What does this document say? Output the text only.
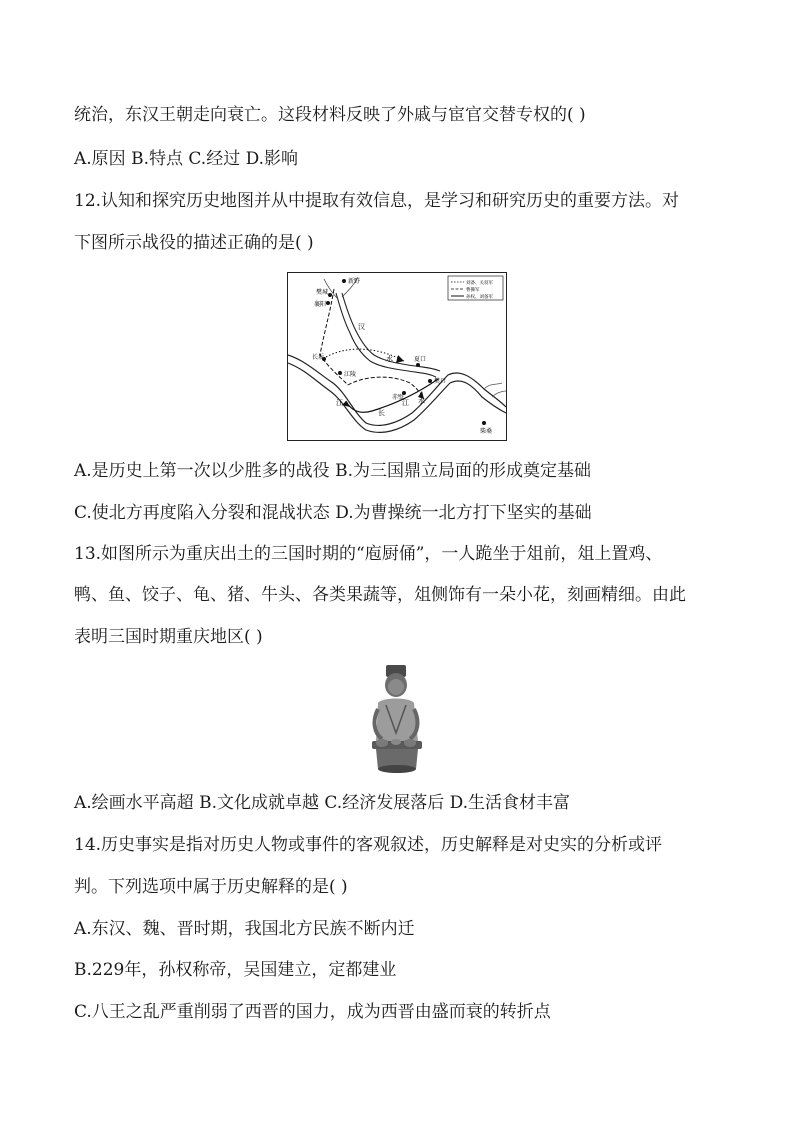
统治，东汉王朝走向衰亡。这段材料反映了外戚与宦官交替专权的( )
A.原因 B.特点 C.经过 D.影响
12.认知和探究历史地图并从中提取有效信息，是学习和研究历史的重要方法。对
下图所示战役的描述正确的是( )
新野
樊城
襄阳
江陵
长坂	夏口
樊口
赤壁
柴桑
汉
水
江
长
江 水
刘备、关羽军
曹操军
孙权、刘备军
A.是历史上第一次以少胜多的战役 B.为三国鼎立局面的形成奠定基础
C.使北方再度陷入分裂和混战状态 D.为曹操统一北方打下坚实的基础
13.如图所示为重庆出土的三国时期的“庖厨俑”，一人跪坐于俎前，俎上置鸡、
鸭、鱼、饺子、龟、猪、牛头、各类果蔬等，俎侧饰有一朵小花，刻画精细。由此
表明三国时期重庆地区( )
A.绘画水平高超 B.文化成就卓越 C.经济发展落后 D.生活食材丰富
14.历史事实是指对历史人物或事件的客观叙述，历史解释是对史实的分析或评
判。下列选项中属于历史解释的是( )
A.东汉、魏、晋时期，我国北方民族不断内迁
B.229年，孙权称帝，吴国建立，定都建业
C.八王之乱严重削弱了西晋的国力，成为西晋由盛而衰的转折点
